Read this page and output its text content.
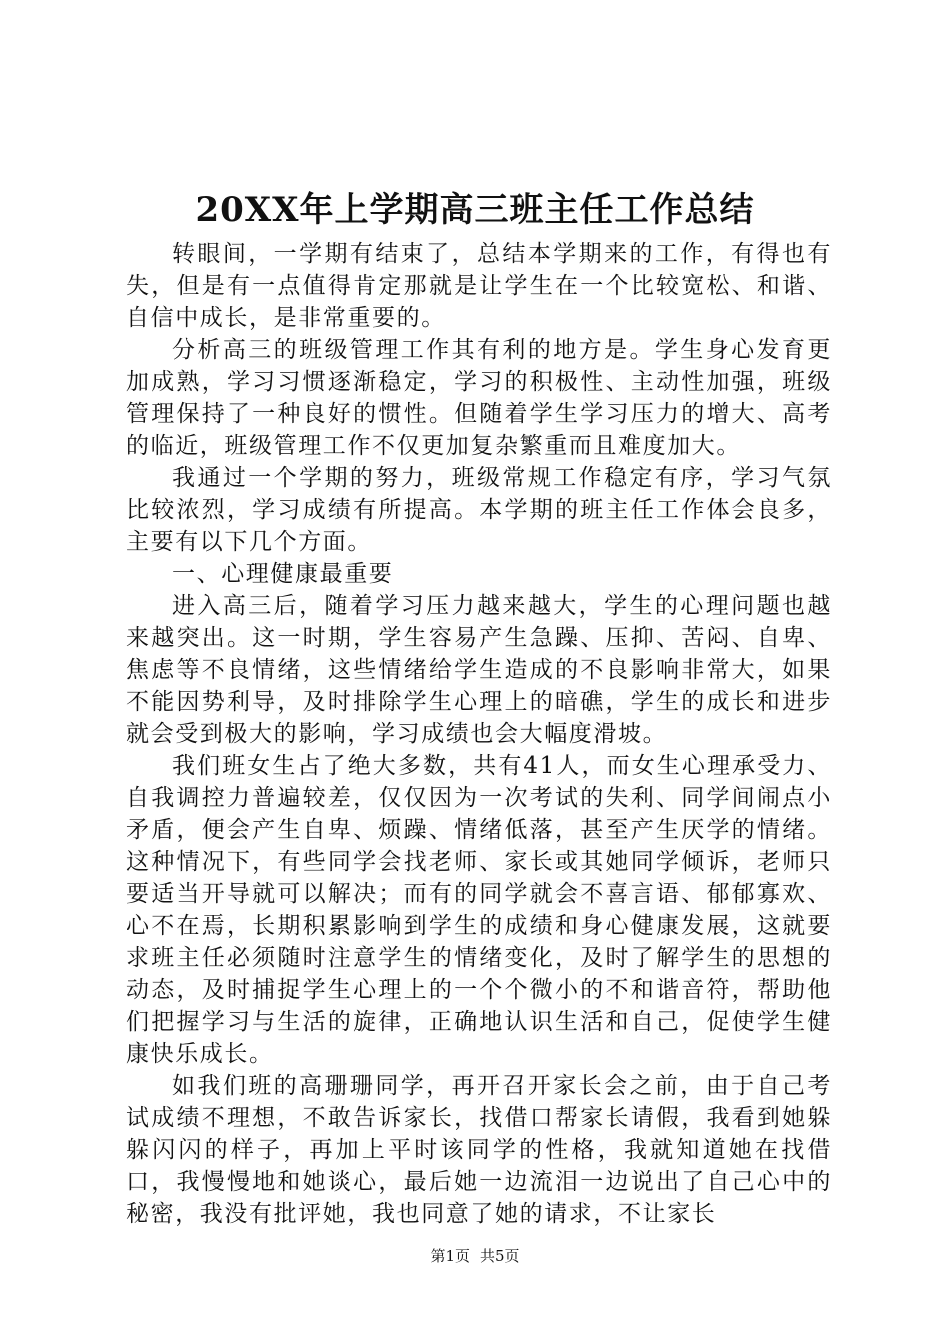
20XX年上学期高三班主任工作总结

转眼间，一学期有结束了，总结本学期来的工作，有得也有失，但是有一点值得肯定那就是让学生在一个比较宽松、和谐、自信中成长，是非常重要的。

分析高三的班级管理工作其有利的地方是。学生身心发育更加成熟，学习习惯逐渐稳定，学习的积极性、主动性加强，班级管理保持了一种良好的惯性。但随着学生学习压力的增大、高考的临近，班级管理工作不仅更加复杂繁重而且难度加大。

我通过一个学期的努力，班级常规工作稳定有序，学习气氛比较浓烈，学习成绩有所提高。本学期的班主任工作体会良多，主要有以下几个方面。

一、心理健康最重要

进入高三后，随着学习压力越来越大，学生的心理问题也越来越突出。这一时期，学生容易产生急躁、压抑、苦闷、自卑、焦虑等不良情绪，这些情绪给学生造成的不良影响非常大，如果不能因势利导，及时排除学生心理上的暗礁，学生的成长和进步就会受到极大的影响，学习成绩也会大幅度滑坡。

我们班女生占了绝大多数，共有41人，而女生心理承受力、自我调控力普遍较差，仅仅因为一次考试的失利、同学间闹点小矛盾，便会产生自卑、烦躁、情绪低落，甚至产生厌学的情绪。这种情况下，有些同学会找老师、家长或其她同学倾诉，老师只要适当开导就可以解决；而有的同学就会不喜言语、郁郁寡欢、心不在焉，长期积累影响到学生的成绩和身心健康发展，这就要求班主任必须随时注意学生的情绪变化，及时了解学生的思想的动态，及时捕捉学生心理上的一个个微小的不和谐音符，帮助他们把握学习与生活的旋律，正确地认识生活和自己，促使学生健康快乐成长。

如我们班的高珊珊同学，再开召开家长会之前，由于自己考试成绩不理想，不敢告诉家长，找借口帮家长请假，我看到她躲躲闪闪的样子，再加上平时该同学的性格，我就知道她在找借口，我慢慢地和她谈心，最后她一边流泪一边说出了自己心中的秘密，我没有批评她，我也同意了她的请求，不让家长

第1页 共5页
